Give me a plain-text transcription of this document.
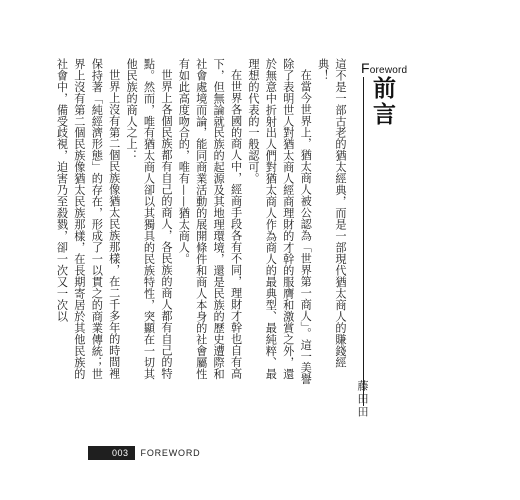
Foreword
前言

這不是一部古老的猶太經典，而是一部現代猶太商人的賺錢經典！

在當今世界上，猶太商人被公認為「世界第一商人」。這一美譽除了表明世人對猶太商人經商理財的才幹的服膺和激賞之外，還於無意中折射出人們對猶太商人作為商人的最典型、最純粹、最理想的代表的一般認可。

在世界各國的商人中，經商手段各有不同，理財才幹也自有高下，但無論就民族的起源及其地理環境，還是民族的歷史遭際和社會處境而論，能同商業活動的展開條件和商人本身的社會屬性有如此高度吻合的，唯有——猶太商人。

世界上各個民族都有自己的商人，各民族的商人都有自己的特點。然而，唯有猶太商人卻以其獨具的民族特性，突顯在一切其他民族的商人之上：

世界上沒有第二個民族像猶太民族那樣，在二千多年的時間裡保持著「純經濟形態」的存在，形成了一以貫之的商業傳統；世界上沒有第二個民族像猶太民族那樣，在長期寄居於其他民族的社會中，備受歧視，迫害乃至殺戮，卻一次又一次以

藤田田
003	FOREWORD
